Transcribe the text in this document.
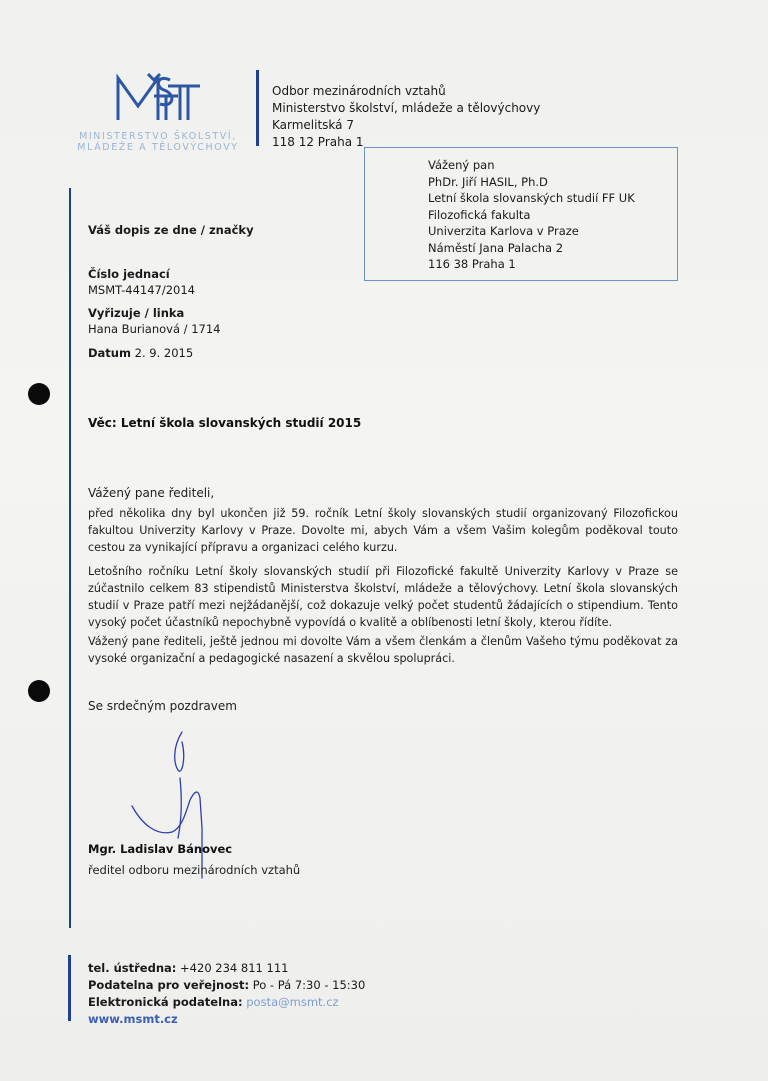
MINISTERSTVO ŠKOLSTVÍ,
MLÁDEŽE A TĚLOVÝCHOVY
Odbor mezinárodních vztahů
Ministerstvo školství, mládeže a tělovýchovy
Karmelitská 7
118 12 Praha 1
Vážený pan
PhDr. Jiří HASIL, Ph.D
Letní škola slovanských studií FF UK
Filozofická fakulta
Univerzita Karlova v Praze
Náměstí Jana Palacha 2
116 38 Praha 1
Váš dopis ze dne / značky
Číslo jednací
MSMT-44147/2014
Vyřizuje / linka
Hana Burianová / 1714
Datum 2. 9. 2015
Věc: Letní škola slovanských studií 2015
Vážený pane řediteli,
před několika dny byl ukončen již 59. ročník Letní školy slovanských studií organizovaný Filozofickou fakultou Univerzity Karlovy v Praze. Dovolte mi, abych Vám a všem Vašim kolegům poděkoval touto cestou za vynikající přípravu a organizaci celého kurzu.
Letošního ročníku Letní školy slovanských studií při Filozofické fakultě Univerzity Karlovy v Praze se zúčastnilo celkem 83 stipendistů Ministerstva školství, mládeže a tělovýchovy. Letní škola slovanských studií v Praze patří mezi nejžádanější, což dokazuje velký počet studentů žádajících o stipendium. Tento vysoký počet účastníků nepochybně vypovídá o kvalitě a oblíbenosti letní školy, kterou řídíte.
Vážený pane řediteli, ještě jednou mi dovolte Vám a všem členkám a členům Vašeho týmu poděkovat za vysoké organizační a pedagogické nasazení a skvělou spolupráci.
Se srdečným pozdravem
Mgr. Ladislav Bánovec
ředitel odboru mezinárodních vztahů
tel. ústředna: +420 234 811 111
Podatelna pro veřejnost: Po - Pá 7:30 - 15:30
Elektronická podatelna: posta@msmt.cz
www.msmt.cz
